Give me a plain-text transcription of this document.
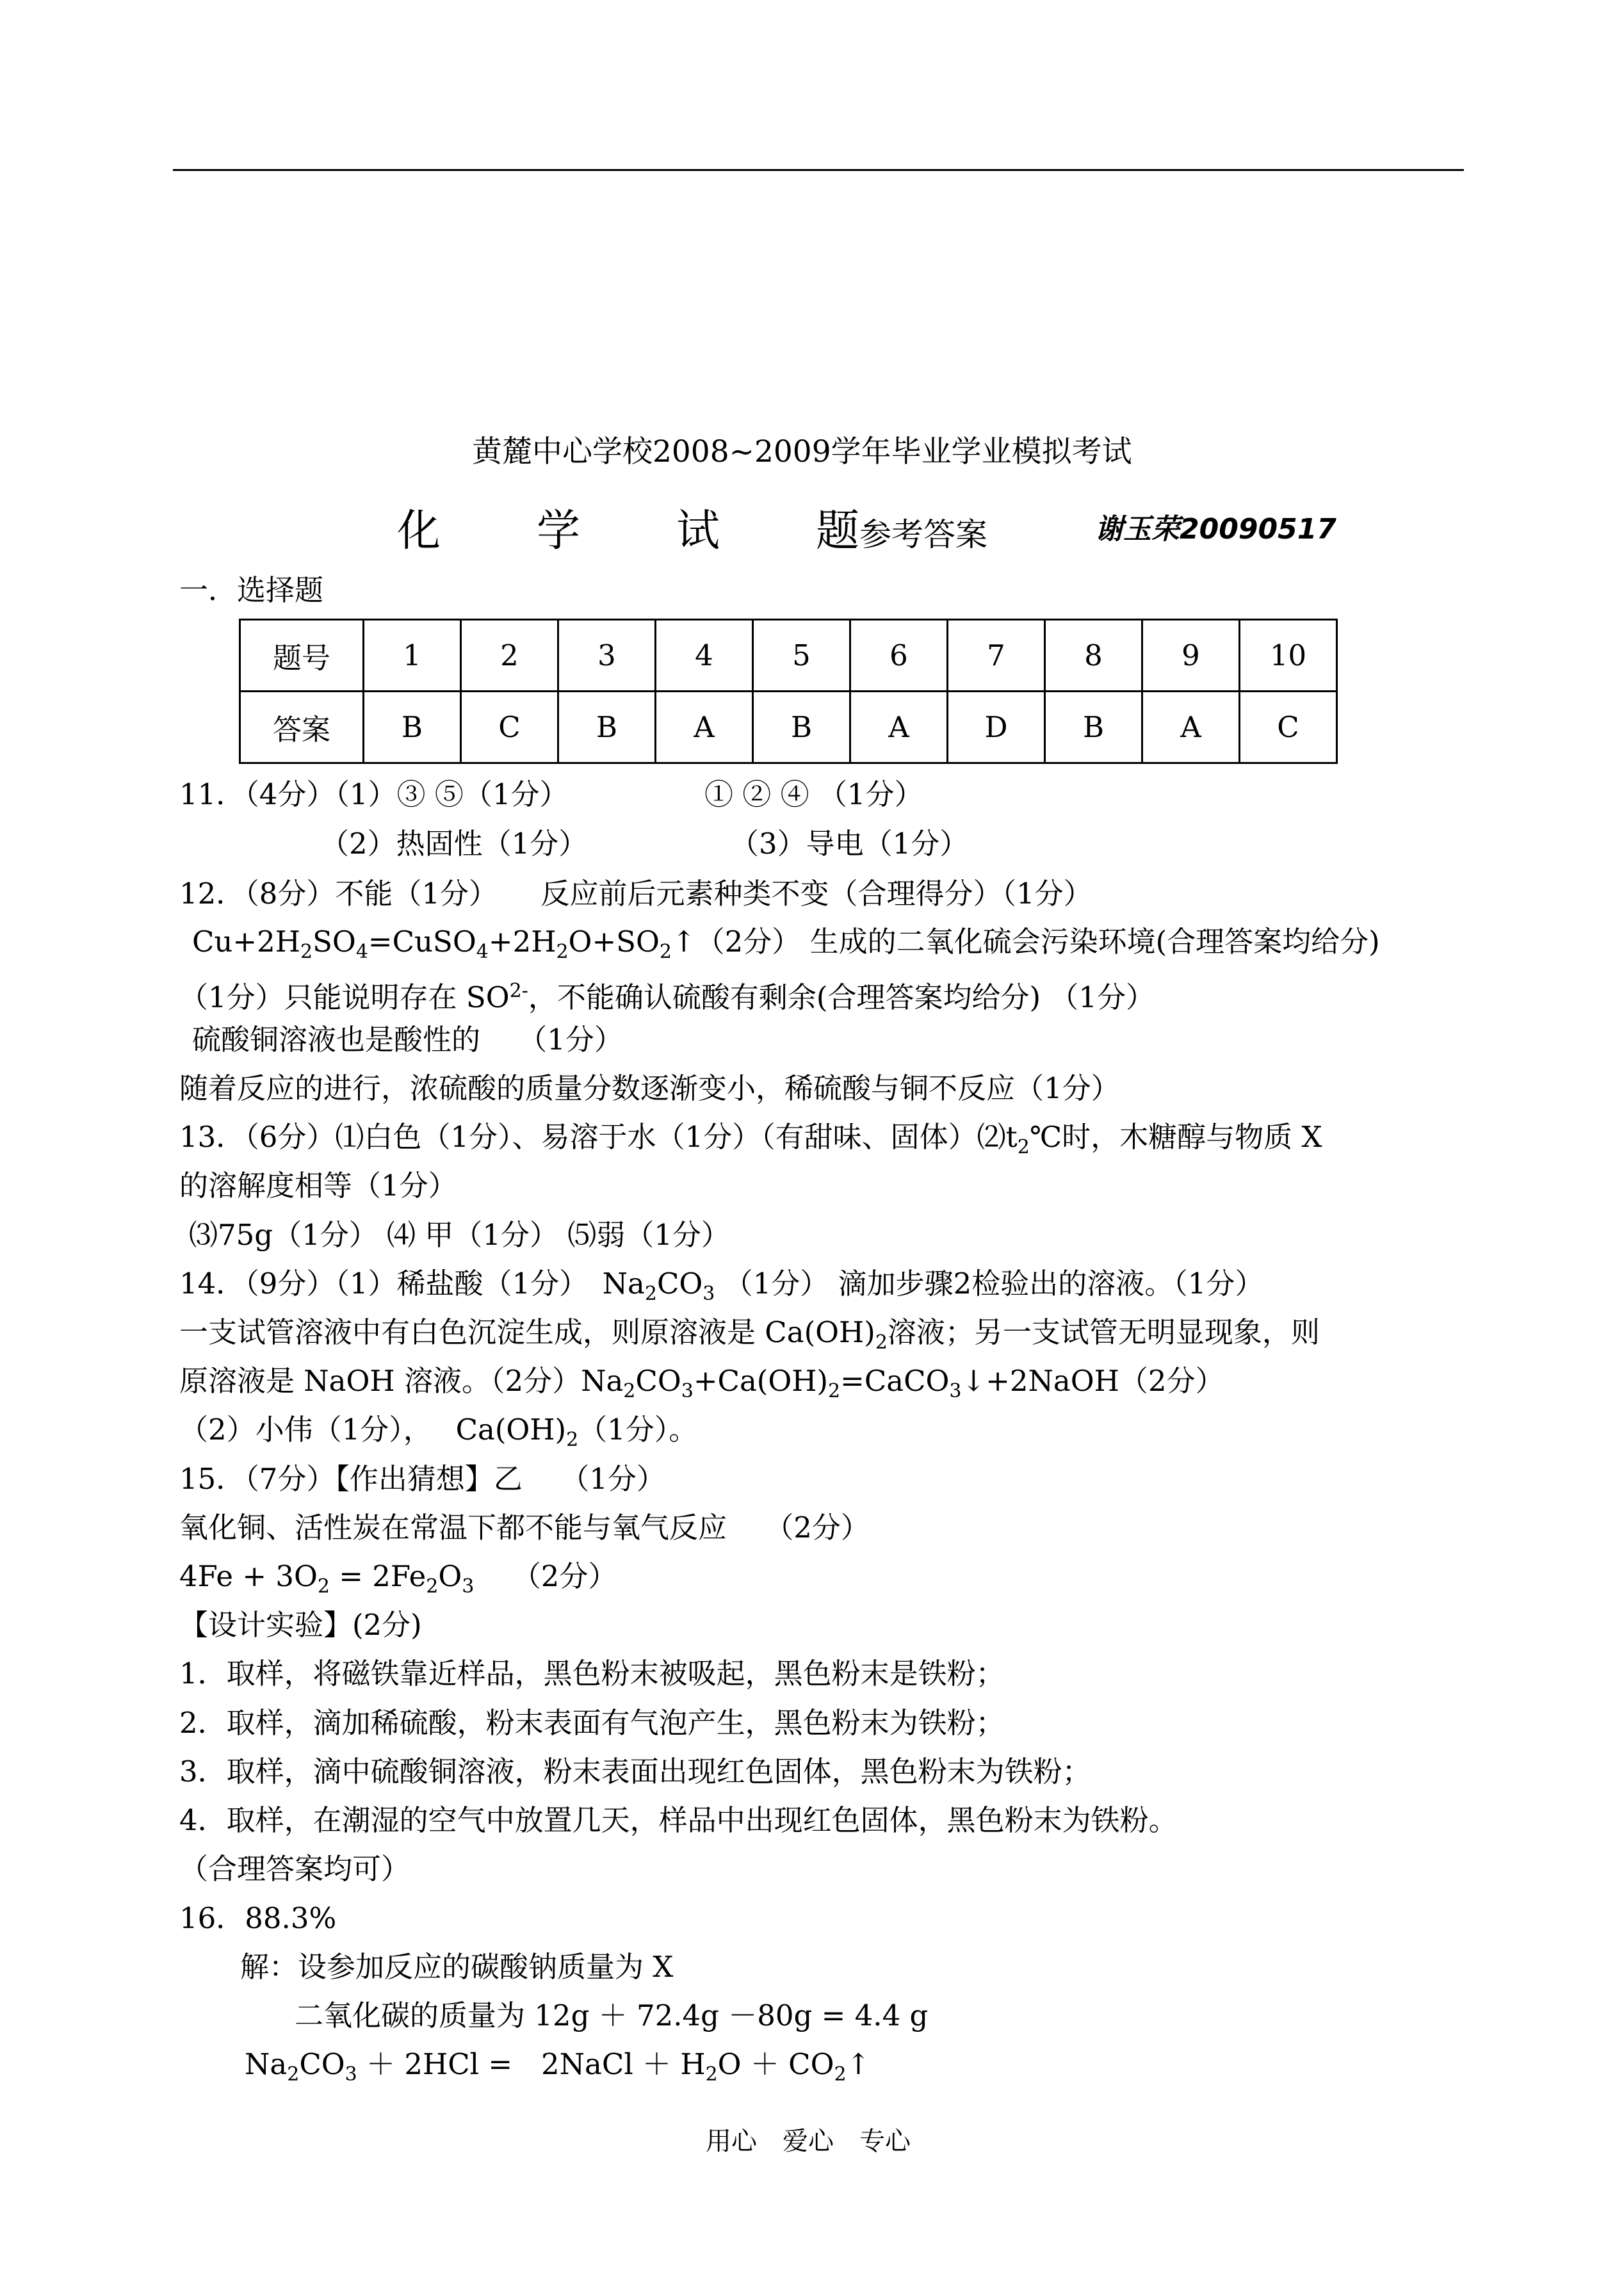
黄麓中心学校2008~2009学年毕业学业模拟考试
化 学 试 题参考答案	谢玉荣20090517
一．选择题
题号	1	2	3	4	5	6	7	8	9	10
答案	B	C	B	A	B	A	D	B	A	C
11．（4分）（1）③ ⑤（1分）	① ② ④ （1分）
（2）热固性（1分）	（3）导电（1分）
12．（8分）不能（1分）　　反应前后元素种类不变（合理得分）（1分）
$Cu+2H_2SO_4=CuSO_4+2H_2O+SO_2↑(2$分） 生成的二氧化硫会污染环境(合理答案均给分)
（1分）只能说明存在 $SO^{2-}$，不能确认硫酸有剩余(合理答案均给分) （1分）
硫酸铜溶液也是酸性的　 （1分）
随着反应的进行，浓硫酸的质量分数逐渐变小，稀硫酸与铜不反应（1分）
13．（6分）⑴白色（1分）、易溶于水（1分）（有甜味、固体）$⑵t_2℃$时，木糖醇与物质 X
的溶解度相等（1分）
⑶75g（1分） ⑷ 甲（1分） ⑸弱（1分）
14．（9分）（1）稀盐酸（1分）　$Na_2CO_3$ （1分） 滴加步骤2检验出的溶液。（1分）
一支试管溶液中有白色沉淀生成，则原溶液是 $Ca(OH)_2$溶液；另一支试管无明显现象，则
原溶液是 NaOH 溶液。（2分）$Na_2CO_3+Ca(OH)_2=CaCO_3↓+2NaOH(2$分）
（2）小伟（1分），　 $Ca(OH)_2(1$分）。
15．（7分）【作出猜想】乙　 （1分）
氧化铜、活性炭在常温下都不能与氧气反应　 （2分）
$4Fe + 3O_2 = 2Fe_2O_3$　 （2分）
【设计实验】(2分)
1．取样，将磁铁靠近样品，黑色粉末被吸起，黑色粉末是铁粉；
2．取样，滴加稀硫酸，粉末表面有气泡产生，黑色粉末为铁粉；
3．取样，滴中硫酸铜溶液，粉末表面出现红色固体，黑色粉末为铁粉；
4．取样，在潮湿的空气中放置几天，样品中出现红色固体，黑色粉末为铁粉。
（合理答案均可）
16．88.3%
解：设参加反应的碳酸钠质量为 X
二氧化碳的质量为 12g ＋ 72.4g －80g = 4.4 g
$Na_2CO_3 + 2HCl$ =　2NaCl ＋ $H_2O$ ＋ $CO_2↑$
用心　爱心　专心
